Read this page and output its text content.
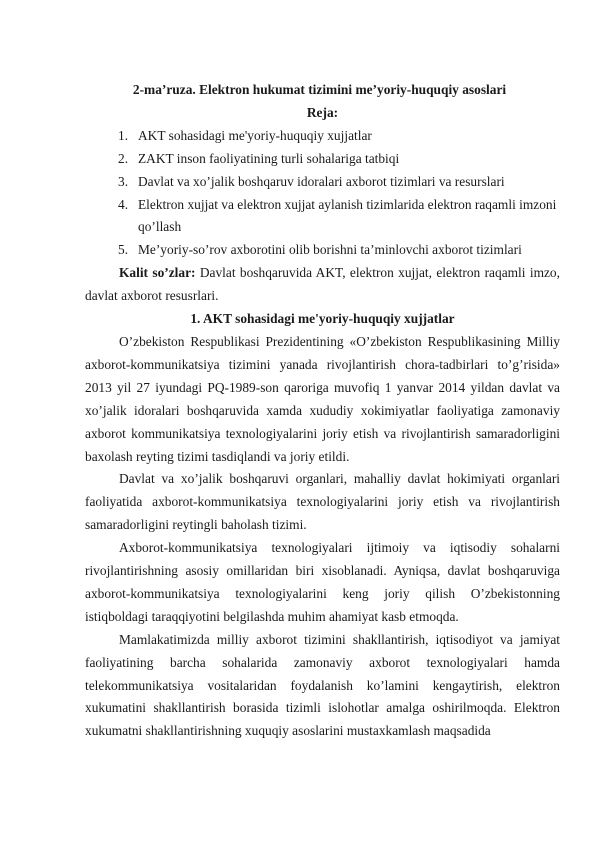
2-ma’ruza. Elektron hukumat tizimini me’yoriy-huquqiy asoslari
Reja:
1. AKT sohasidagi me'yoriy-huquqiy xujjatlar
2. ZAKT inson faoliyatining turli sohalariga tatbiqi
3. Davlat va xo’jalik boshqaruv idoralari axborot tizimlari va resurslari
4. Elektron xujjat va elektron xujjat aylanish tizimlarida elektron raqamli imzoni qo’llash
5. Me’yoriy-so’rov axborotini olib borishni ta’minlovchi axborot tizimlari
Kalit so’zlar: Davlat boshqaruvida AKT, elektron xujjat, elektron raqamli imzo, davlat axborot resusrlari.
1. AKT sohasidagi me'yoriy-huquqiy xujjatlar

O’zbekiston Respublikasi Prezidentining «O’zbekiston Respublikasining Milliy axborot-kommunikatsiya tizimini yanada rivojlantirish chora-tadbirlari to’g’risida» 2013 yil 27 iyundagi PQ-1989-son qaroriga muvofiq 1 yanvar 2014 yildan davlat va xo’jalik idoralari boshqaruvida xamda xududiy xokimiyatlar faoliyatiga zamonaviy axborot kommunikatsiya texnologiyalarini joriy etish va rivojlantirish samaradorligini baxolash reyting tizimi tasdiqlandi va joriy etildi.

Davlat va xo’jalik boshqaruvi organlari, mahalliy davlat hokimiyati organlari faoliyatida axborot-kommunikatsiya texnologiyalarini joriy etish va rivojlantirish samaradorligini reytingli baholash tizimi.

Axborot-kommunikatsiya texnologiyalari ijtimoiy va iqtisodiy sohalarni rivojlantirishning asosiy omillaridan biri xisoblanadi. Ayniqsa, davlat boshqaruviga axborot-kommunikatsiya texnologiyalarini keng joriy qilish O’zbekistonning istiqboldagi taraqqiyotini belgilashda muhim ahamiyat kasb etmoqda.

Mamlakatimizda milliy axborot tizimini shakllantirish, iqtisodiyot va jamiyat faoliyatining barcha sohalarida zamonaviy axborot texnologiyalari hamda telekommunikatsiya vositalaridan foydalanish ko’lamini kengaytirish, elektron xukumatini shakllantirish borasida tizimli islohotlar amalga oshirilmoqda. Elektron xukumatni shakllantirishning xuquqiy asoslarini mustaxkamlash maqsadida
